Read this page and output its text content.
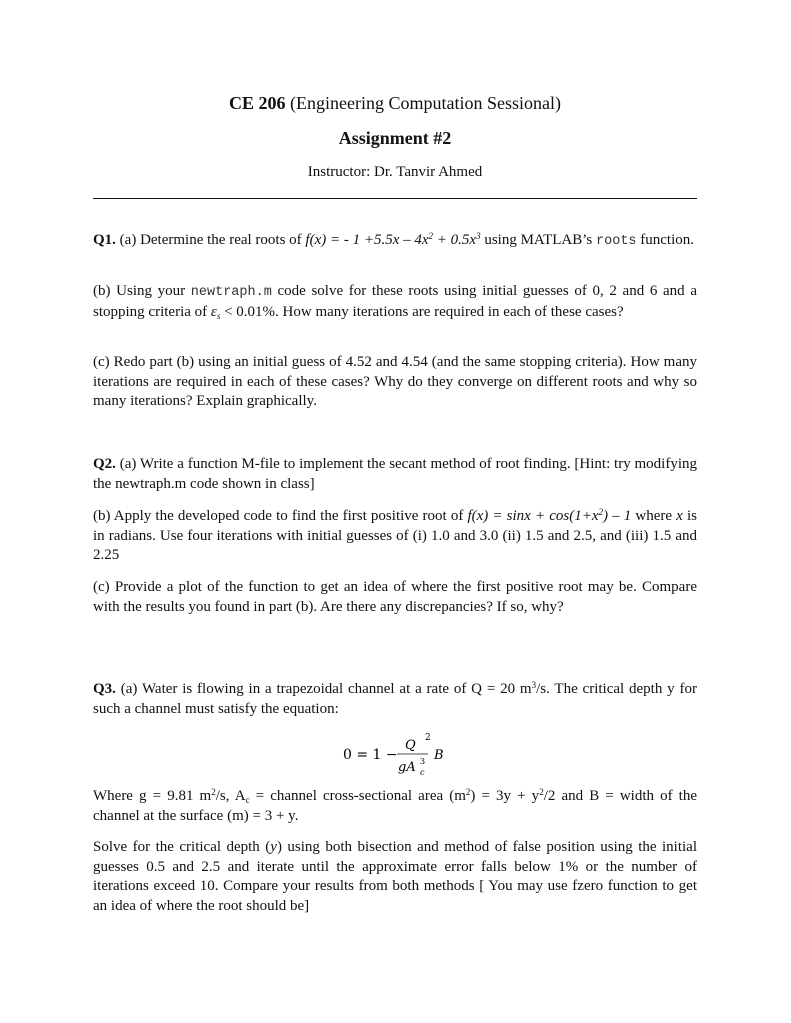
CE 206 (Engineering Computation Sessional)
Assignment #2
Instructor: Dr. Tanvir Ahmed

Q1. (a) Determine the real roots of f(x) = - $1 +5.5x - 4x^2 + 0.5x^3$ using MATLAB’s roots function.

(b) Using your newtraph.m code solve for these roots using initial guesses of 0, 2 and 6 and a stopping criteria of $\varepsilon_s < 0.01\%$. How many iterations are required in each of these cases?

(c) Redo part (b) using an initial guess of 4.52 and 4.54 (and the same stopping criteria). How many iterations are required in each of these cases? Why do they converge on different roots and why so many iterations? Explain graphically.

Q2. (a) Write a function M-file to implement the secant method of root finding. [Hint: try modifying the newtraph.m code shown in class]

(b) Apply the developed code to find the first positive root of $f(x) = \sin x + \cos(1+x^2) - 1$ where x is in radians. Use four iterations with initial guesses of (i) 1.0 and 3.0 (ii) 1.5 and 2.5, and (iii) 1.5 and 2.25

(c) Provide a plot of the function to get an idea of where the first positive root may be. Compare with the results you found in part (b). Are there any discrepancies? If so, why?

Q3. (a) Water is flowing in a trapezoidal channel at a rate of Q = 20 $m^3/s$. The critical depth y for such a channel must satisfy the equation:

0 = 1 −
Q 2
gA 3
c
B

Where g = 9.81 $m^2/s$, $A_c$ = channel cross-sectional area $(m^2) = 3y + y^2/2$ and B = width of the channel at the surface (m) = 3 + y.

Solve for the critical depth (y) using both bisection and method of false position using the initial guesses 0.5 and 2.5 and iterate until the approximate error falls below 1% or the number of iterations exceed 10. Compare your results from both methods [ You may use fzero function to get an idea of where the root should be]
